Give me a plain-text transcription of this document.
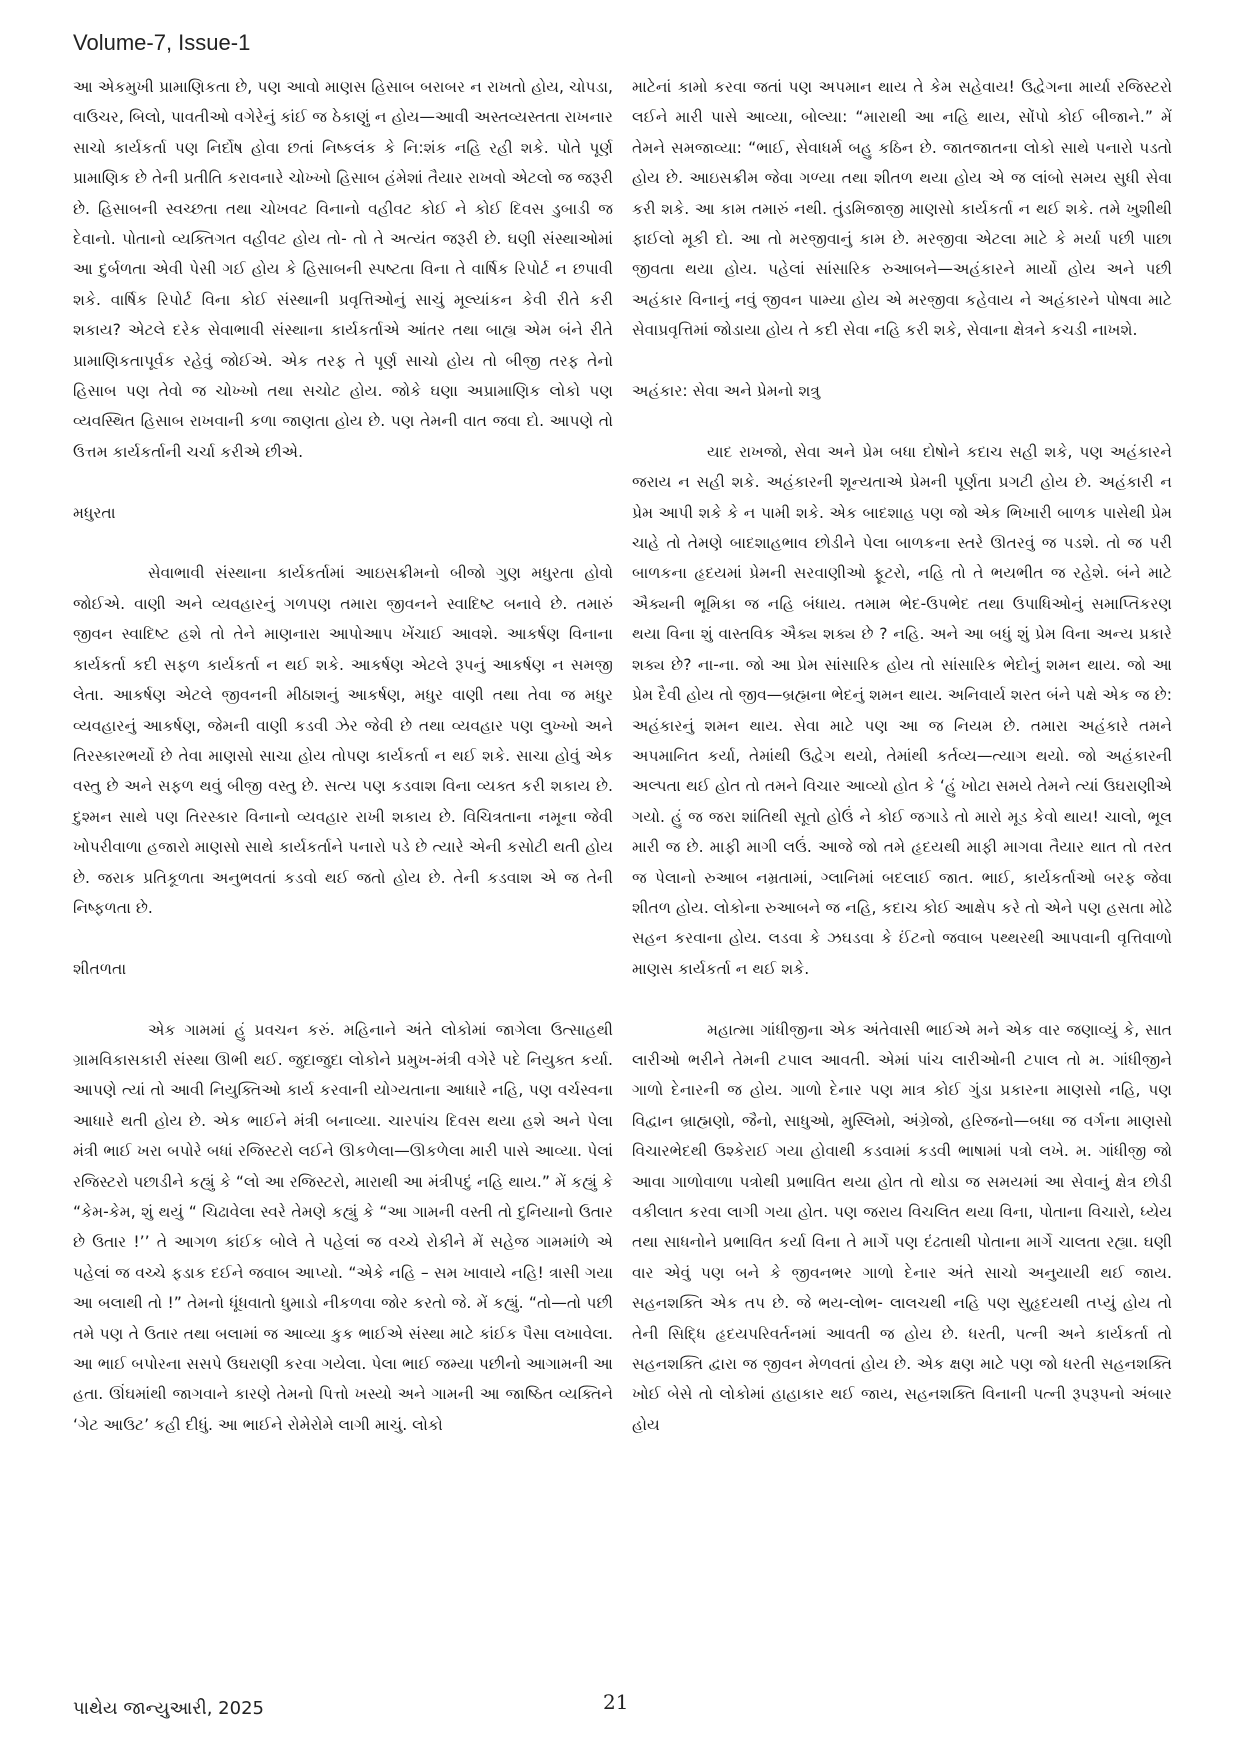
Volume-7, Issue-1

આ એકમુખી પ્રામાણિકતા છે, પણ આવો માણસ હિસાબ બરાબર ન રાખતો હોય, ચોપડા, વાઉચર, બિલો, પાવતીઓ વગેરેનું કાંઈ જ ઠેકાણું ન હોય—આવી અસ્તવ્યસ્તતા રાખનાર સાચો કાર્યકર્તા પણ નિર્દોષ હોવા છતાં નિષ્કલંક કે નિ:શંક નહિ રહી શકે. પોતે પૂર્ણ પ્રામાણિક છે તેની પ્રતીતિ કરાવનારે ચોખ્ખો હિસાબ હંમેશાં તૈયાર રાખવો એટલો જ જરૂરી છે. હિસાબની સ્વચ્છતા તથા ચોખવટ વિનાનો વહીવટ કોઈ ને કોઈ દિવસ ડુબાડી જ દેવાનો. પોતાનો વ્યક્તિગત વહીવટ હોય તો- તો તે અત્યંત જરૂરી છે. ઘણી સંસ્થાઓમાં આ દુર્બળતા એવી પેસી ગઈ હોય કે હિસાબની સ્પષ્ટતા વિના તે વાર્ષિક રિપોર્ટ ન છપાવી શકે. વાર્ષિક રિપોર્ટ વિના કોઈ સંસ્થાની પ્રવૃત્તિઓનું સાચું મૂલ્યાંકન કેવી રીતે કરી શકાય? એટલે દરેક સેવાભાવી સંસ્થાના કાર્યકર્તાએ આંતર તથા બાહ્ય એમ બંને રીતે પ્રામાણિકતાપૂર્વક રહેવું જોઈએ. એક તરફ તે પૂર્ણ સાચો હોય તો બીજી તરફ તેનો હિસાબ પણ તેવો જ ચોખ્ખો તથા સચોટ હોય. જોકે ઘણા અપ્રામાણિક લોકો પણ વ્યવસ્થિત હિસાબ રાખવાની કળા જાણતા હોય છે. પણ તેમની વાત જવા દો. આપણે તો ઉત્તમ કાર્યકર્તાની ચર્ચા કરીએ છીએ.

મધુરતા

સેવાભાવી સંસ્થાના કાર્યકર્તામાં આઇસક્રીમનો બીજો ગુણ મધુરતા હોવો જોઈએ. વાણી અને વ્યવહારનું ગળપણ તમારા જીવનને સ્વાદિષ્ટ બનાવે છે. તમારું જીવન સ્વાદિષ્ટ હશે તો તેને માણનારા આપોઆપ ખેંચાઈ આવશે. આકર્ષણ વિનાના કાર્યકર્તા કદી સફળ કાર્યકર્તા ન થઈ શકે. આકર્ષણ એટલે રૂપનું આકર્ષણ ન સમજી લેતા. આકર્ષણ એટલે જીવનની મીઠાશનું આકર્ષણ, મધુર વાણી તથા તેવા જ મધુર વ્યવહારનું આકર્ષણ, જેમની વાણી કડવી ઝેર જેવી છે તથા વ્યવહાર પણ લુખ્ખો અને તિરસ્કારભર્યો છે તેવા માણસો સાચા હોય તોપણ કાર્યકર્તા ન થઈ શકે. સાચા હોવું એક વસ્તુ છે અને સફળ થવું બીજી વસ્તુ છે. સત્ય પણ કડવાશ વિના વ્યક્ત કરી શકાય છે. દુશ્મન સાથે પણ તિરસ્કાર વિનાનો વ્યવહાર રાખી શકાય છે. વિચિત્રતાના નમૂના જેવી ખોપરીવાળા હજારો માણસો સાથે કાર્યકર્તાને પનારો પડે છે ત્યારે એની કસોટી થતી હોય છે. જરાક પ્રતિકૂળતા અનુભવતાં કડવો થઈ જતો હોય છે. તેની કડવાશ એ જ તેની નિષ્ફળતા છે.

શીતળતા

એક ગામમાં હું પ્રવચન કરું. મહિનાને અંતે લોકોમાં જાગેલા ઉત્સાહથી ગ્રામવિકાસકારી સંસ્થા ઊભી થઈ. જુદાજુદા લોકોને પ્રમુખ-મંત્રી વગેરે પદે નિયુક્ત કર્યા. આપણે ત્યાં તો આવી નિયુક્તિઓ કાર્ય કરવાની યોગ્યતાના આધારે નહિ, પણ વર્ચસ્વના આધારે થતી હોય છે. એક ભાઈને મંત્રી બનાવ્યા. ચારપાંચ દિવસ થયા હશે અને પેલા મંત્રી ભાઈ ખરા બપોરે બધાં રજિસ્ટરો લઈને ઊકળેલા—ઊકળેલા મારી પાસે આવ્યા. પેલાં રજિસ્ટરો પછાડીને કહ્યું કે “લો આ રજિસ્ટરો, મારાથી આ મંત્રીપદું નહિ થાય.” મેં કહ્યું કે “કેમ-કેમ, શું થયું “ ચિઢાવેલા સ્વરે તેમણે કહ્યું કે “આ ગામની વસ્તી તો દુનિયાનો ઉતાર છે ઉતાર !’’ તે આગળ કાંઈક બોલે તે પહેલાં જ વચ્ચે રોકીને મેં સહેજ ગામમાંળે એ પહેલાં જ વચ્ચે ફડાક દઈને જવાબ આપ્યો. “એકે નહિ – સમ ખાવાયે નહિ! ત્રાસી ગયા આ બલાથી તો !” તેમનો ધૂંધવાતો ધુમાડો નીકળવા જોર કરતો જે. મેં કહ્યું. “તો—તો પછી તમે પણ તે ઉતાર તથા બલામાં જ આવ્યા કુક ભાઈએ સંસ્થા માટે કાંઈક પૈસા લખાવેલા. આ ભાઈ બપોરના સસપે ઉઘરાણી કરવા ગયેલા. પેલા ભાઈ જમ્યા પછીનો આગામની આ હતા. ઊંઘમાંથી જાગવાને કારણે તેમનો પિત્તો ખસ્યો અને ગામની આ જાષ્ઠિત વ્યક્તિને ‘ગેટ આઉટ’ કહી દીધું. આ ભાઈને રોમેરોમે લાગી માચું. લોકો

માટેનાં કામો કરવા જતાં પણ અપમાન થાય તે કેમ સહેવાય! ઉદ્વેગના માર્યા રજિસ્ટરો લઈને મારી પાસે આવ્યા, બોલ્યા: “મારાથી આ નહિ થાય, સોંપો કોઈ બીજાને.” મેં તેમને સમજાવ્યા: “ભાઈ, સેવાધર્મ બહુ કઠિન છે. જાતજાતના લોકો સાથે પનારો પડતો હોય છે. આઇસક્રીમ જેવા ગળ્યા તથા શીતળ થયા હોય એ જ લાંબો સમય સુધી સેવા કરી શકે. આ કામ તમારું નથી. તુંડમિજાજી માણસો કાર્યકર્તા ન થઈ શકે. તમે ખુશીથી ફાઈલો મૂકી દો. આ તો મરજીવાનું કામ છે. મરજીવા એટલા માટે કે મર્યા પછી પાછા જીવતા થયા હોય. પહેલાં સાંસારિક રુઆબને—અહંકારને માર્યો હોય અને પછી અહંકાર વિનાનું નવું જીવન પામ્યા હોય એ મરજીવા કહેવાય ને અહંકારને પોષવા માટે સેવાપ્રવૃત્તિમાં જોડાયા હોય તે કદી સેવા નહિ કરી શકે, સેવાના ક્ષેત્રને કચડી નાખશે.

અહંકાર: સેવા અને પ્રેમનો શત્રુ

યાદ રાખજો, સેવા અને પ્રેમ બધા દોષોને કદાચ સહી શકે, પણ અહંકારને જરાય ન સહી શકે. અહંકારની શૂન્યતાએ પ્રેમની પૂર્ણતા પ્રગટી હોય છે. અહંકારી ન પ્રેમ આપી શકે કે ન પામી શકે. એક બાદશાહ પણ જો એક ભિખારી બાળક પાસેથી પ્રેમ ચાહે તો તેમણે બાદશાહભાવ છોડીને પેલા બાળકના સ્તરે ઊતરવું જ પડશે. તો જ પરી બાળકના હૃદયમાં પ્રેમની સરવાણીઓ ફૂટરો, નહિ તો તે ભયભીત જ રહેશે. બંને માટે ઐક્યની ભૂમિકા જ નહિ બંધાય. તમામ ભેદ-ઉપભેદ તથા ઉપાધિઓનું સમાપ્તિકરણ થયા વિના શું વાસ્તવિક ઐક્ય શક્ય છે ? નહિ. અને આ બધું શું પ્રેમ વિના અન્ય પ્રકારે શક્ય છે? ના-ના. જો આ પ્રેમ સાંસારિક હોય તો સાંસારિક ભેદોનું શમન થાય. જો આ પ્રેમ દૈવી હોય તો જીવ—બ્રહ્મના ભેદનું શમન થાય. અનિવાર્ય શરત બંને પક્ષે એક જ છે: અહંકારનું શમન થાય. સેવા માટે પણ આ જ નિયમ છે. તમારા અહંકારે તમને અપમાનિત કર્યા, તેમાંથી ઉદ્વેગ થયો, તેમાંથી કર્તવ્ય—ત્યાગ થયો. જો અહંકારની અલ્પતા થઈ હોત તો તમને વિચાર આવ્યો હોત કે ‘હું ખોટા સમયે તેમને ત્યાં ઉઘરાણીએ ગયો. હું જ જરા શાંતિથી સૂતો હોઉં ને કોઈ જગાડે તો મારો મૂડ કેવો થાય! ચાલો, ભૂલ મારી જ છે. માફી માગી લઉં. આજે જો તમે હૃદયથી માફી માગવા તૈયાર થાત તો તરત જ પેલાનો રુઆબ નમ્રતામાં, ગ્લાનિમાં બદલાઈ જાત. ભાઈ, કાર્યકર્તાઓ બરફ જેવા શીતળ હોય. લોકોના રુઆબને જ નહિ, કદાચ કોઈ આક્ષેપ કરે તો એને પણ હસતા મોઢે સહન કરવાના હોય. લડવા કે ઝઘડવા કે ઈંટનો જવાબ પથ્થરથી આપવાની વૃત્તિવાળો માણસ કાર્યકર્તા ન થઈ શકે.

મહાત્મા ગાંધીજીના એક અંતેવાસી ભાઈએ મને એક વાર જણાવ્યું કે, સાત લારીઓ ભરીને તેમની ટપાલ આવતી. એમાં પાંચ લારીઓની ટપાલ તો મ. ગાંધીજીને ગાળો દેનારની જ હોય. ગાળો દેનાર પણ માત્ર કોઈ ગુંડા પ્રકારના માણસો નહિ, પણ વિદ્વાન બ્રાહ્મણો, જૈનો, સાધુઓ, મુસ્લિમો, અંગ્રેજો, હરિજનો—બધા જ વર્ગના માણસો વિચારભેદથી ઉશ્કેરાઈ ગયા હોવાથી કડવામાં કડવી ભાષામાં પત્રો લખે. મ. ગાંધીજી જો આવા ગાળોવાળા પત્રોથી પ્રભાવિત થયા હોત તો થોડા જ સમયમાં આ સેવાનું ક્ષેત્ર છોડી વકીલાત કરવા લાગી ગયા હોત. પણ જરાય વિચલિત થયા વિના, પોતાના વિચારો, ધ્યેય તથા સાધનોને પ્રભાવિત કર્યા વિના તે માર્ગે પણ દંઢતાથી પોતાના માર્ગે ચાલતા રહ્યા. ઘણી વાર એવું પણ બને કે જીવનભર ગાળો દેનાર અંતે સાચો અનુયાયી થઈ જાય. સહનશક્તિ એક તપ છે. જે ભય-લોભ- લાલચથી નહિ પણ સુહૃદયથી તપ્યું હોય તો તેની સિદ્ધિ હૃદયપરિવર્તનમાં આવતી જ હોય છે. ધરતી, પત્ની અને કાર્યકર્તા તો સહનશક્તિ દ્વારા જ જીવન મેળવતાં હોય છે. એક ક્ષણ માટે પણ જો ધરતી સહનશક્તિ ખોઈ બેસે તો લોકોમાં હાહાકાર થઈ જાય, સહનશક્તિ વિનાની પત્ની રૂપરૂપનો અંબાર હોય

પાથેય જાન્યુઆરી, 2025	21
